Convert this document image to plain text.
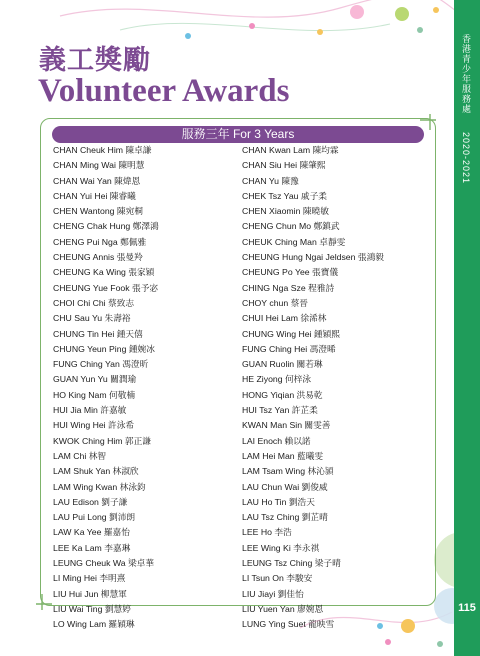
香港青少年服務處 2020-2021
115
義工獎勵
Volunteer Awards
服務三年 For 3 Years
CHAN Cheuk Him 陳卓謙
CHAN Ming Wai 陳明慧
CHAN Wai Yan 陳煒恩
CHAN Yui Hei 陳睿曦
CHEN Wantong 陳宛桐
CHENG Chak Hung 鄭澤鴻
CHENG Pui Nga 鄭佩雅
CHEUNG Annis 張曼羚
CHEUNG Ka Wing 張家穎
CHEUNG Yue Fook 張予宓
CHOI Chi Chi 蔡致志
CHU Sau Yu 朱壽裕
CHUNG Tin Hei 鍾天僖
CHUNG Yeun Ping 鍾婉冰
FUNG Ching Yan 馮澄昕
GUAN Yun Yu 關潤瑜
HO King Nam 何敬楠
HUI Jia Min 許嘉敏
HUI Wing Hei 許泳希
KWOK Ching Him 郭正謙
LAM Chi 林智
LAM Shuk Yan 林淑欣
LAM Wing Kwan 林泳鈞
LAU Edison 劉子謙
LAU Pui Long 劉沛朗
LAW Ka Yee 羅嘉怡
LEE Ka Lam 李嘉琳
LEUNG Cheuk Wa 梁卓華
LI Ming Hei 李明熹
LIU Hui Jun 柳慧軍
LIU Wai Ting 劉慧婷
LO Wing Lam 羅穎琳
CHAN Kwan Lam 陳均霖
CHAN Siu Hei 陳肇熙
CHAN Yu 陳豫
CHEK Tsz Yau 戚子柔
CHEN Xiaomin 陳曉敏
CHENG Chun Mo 鄭鎮武
CHEUK Ching Man 卓靜雯
CHEUNG Hung Ngai Jeldsen 張鴻毅
CHEUNG Po Yee 張寶儀
CHING Nga Sze 程雅詩
CHOY chun 蔡晉
CHUI Hei Lam 徐浠林
CHUNG Wing Hei 鍾穎熙
FUNG Ching Hei 馮澄晞
GUAN Ruolin 關若琳
HE Ziyong 何梓泳
HONG Yiqian 洪易乾
HUI Tsz Yan 許芷柔
KWAN Man Sin 關雯善
LAI Enoch 賴以諾
LAM Hei Man 藍曦雯
LAM Tsam Wing 林沁頴
LAU Chun Wai 劉俊威
LAU Ho Tin 劉浩天
LAU Tsz Ching 劉芷晴
LEE Ho 李浩
LEE Wing Ki 李永祺
LEUNG Tsz Ching 梁子晴
LI Tsun On 李駿安
LIU Jiayi 劉佳怡
LIU Yuen Yan 廖婉恩
LUNG Ying Suet 龍映雪
